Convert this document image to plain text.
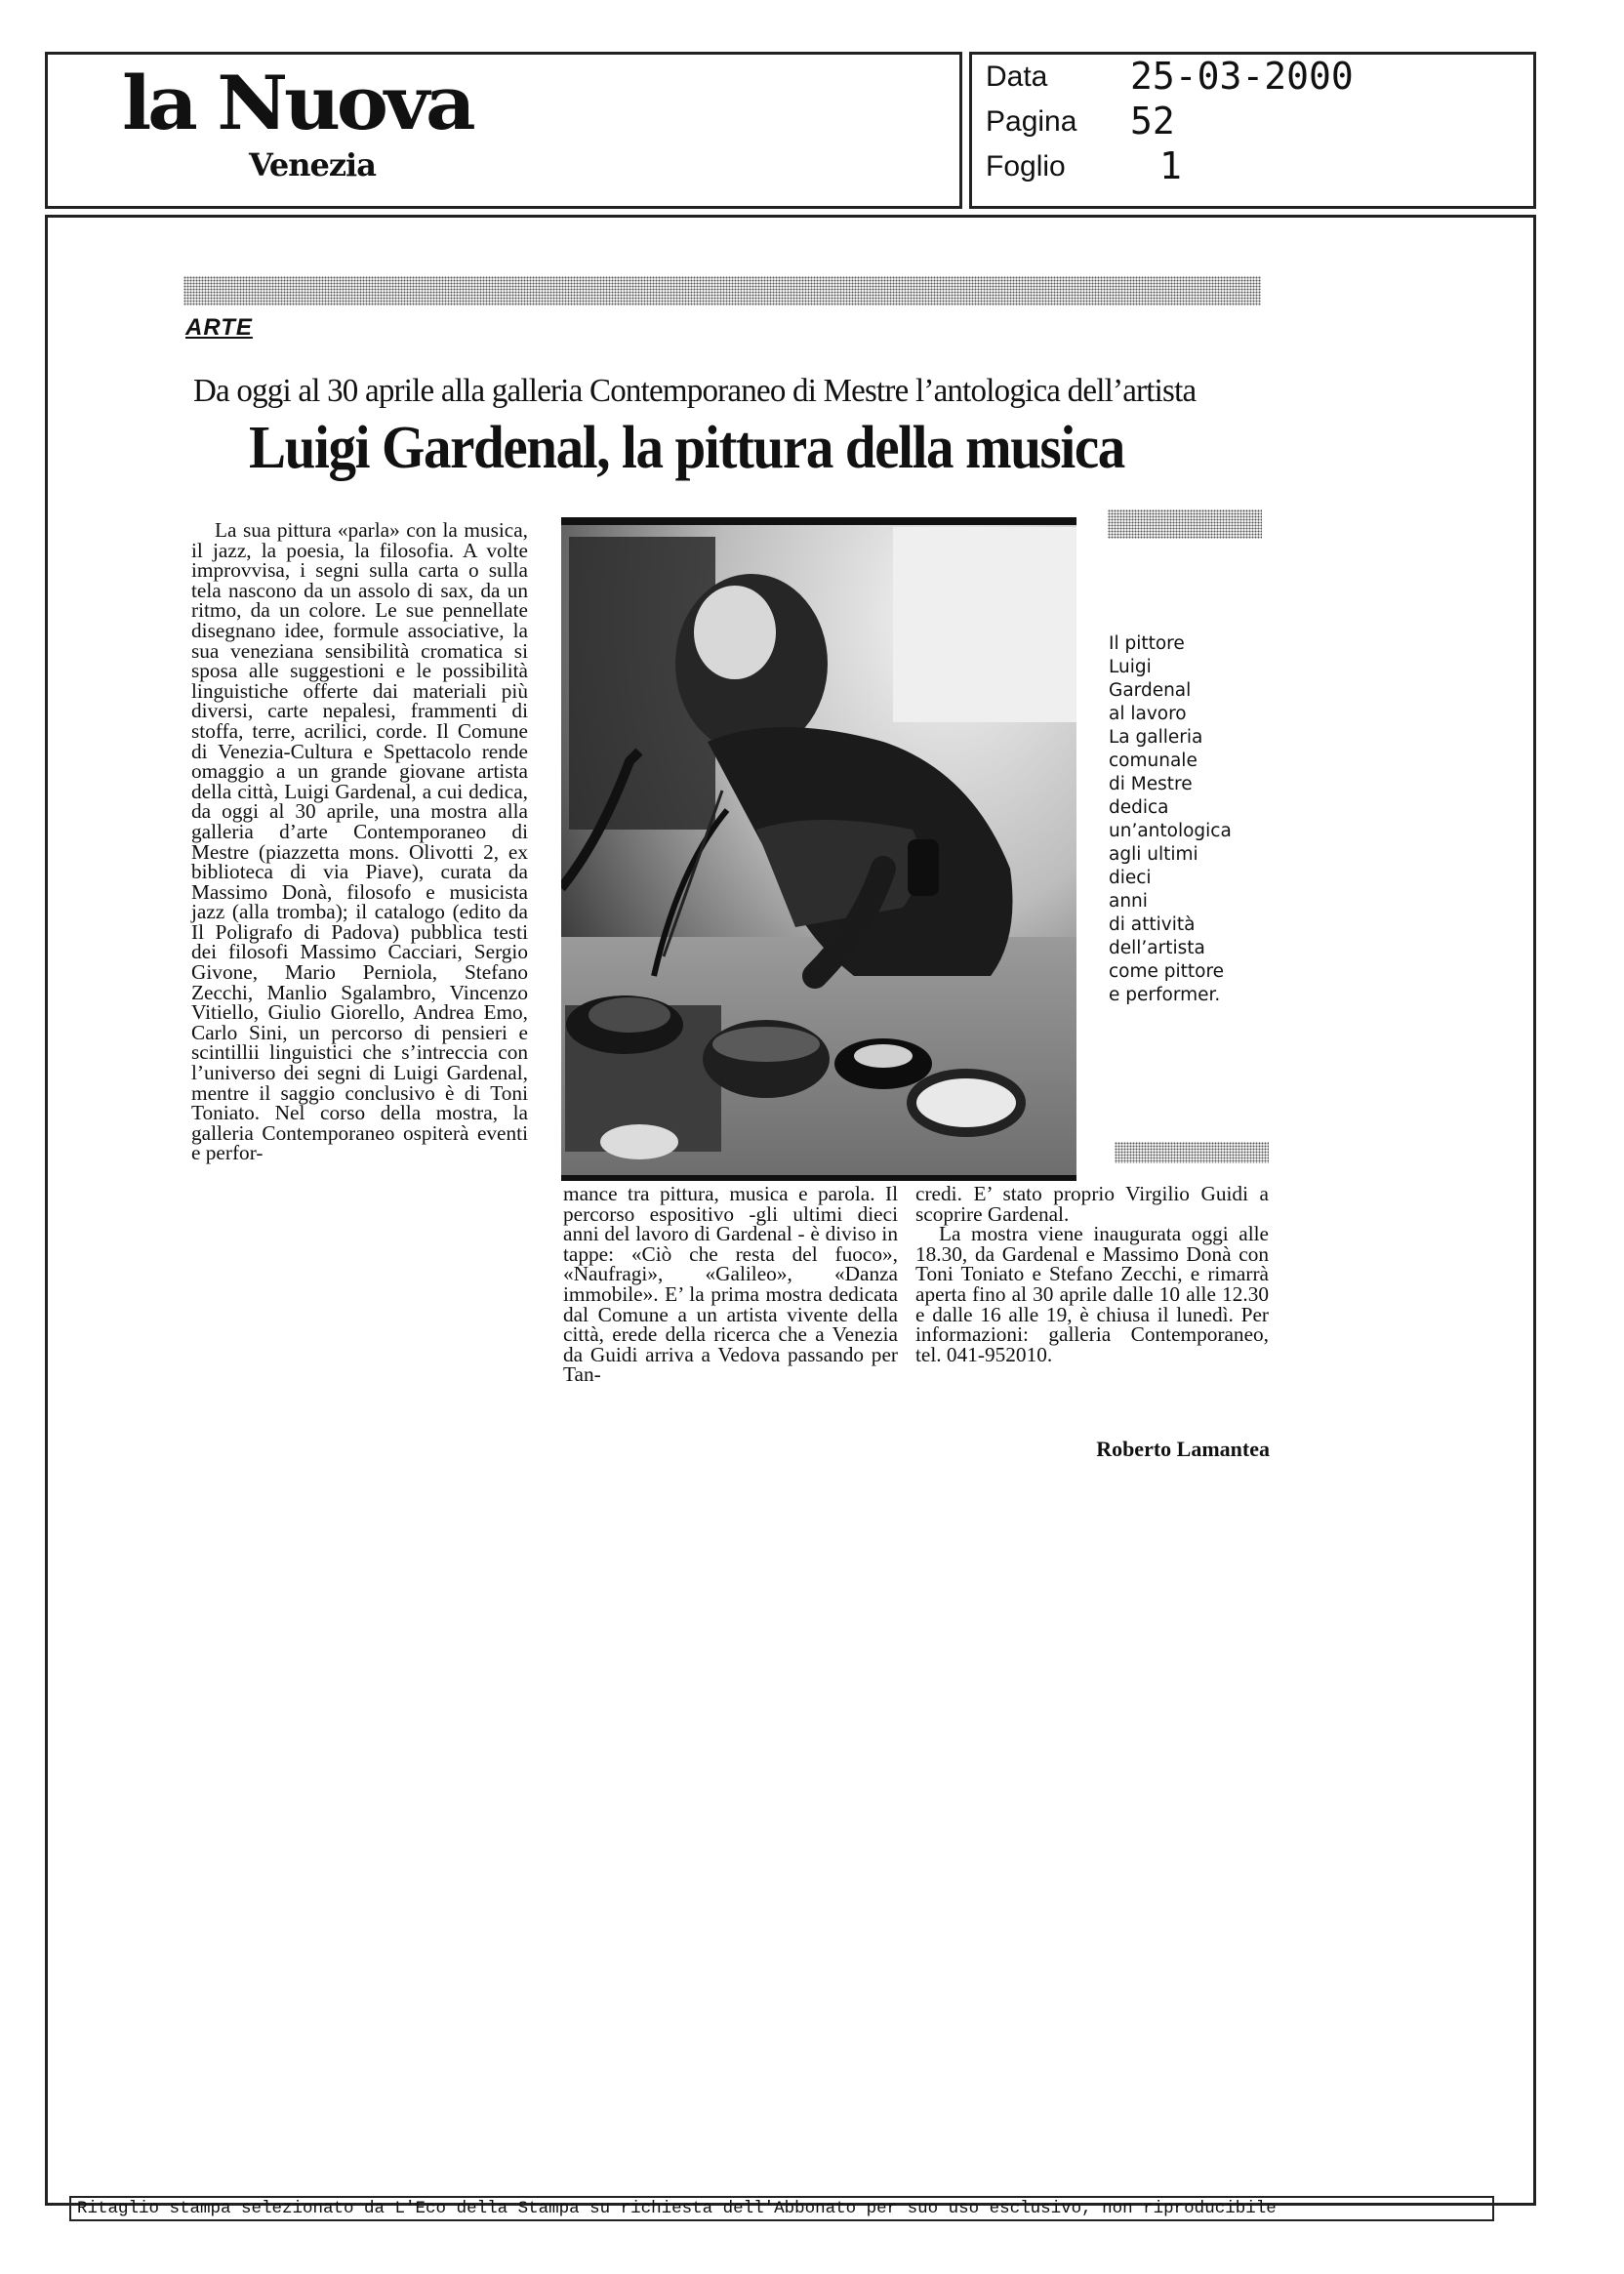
la Nuova
Venezia
Data 25-03-2000
Pagina 52
Foglio	1
ARTE
Da oggi al 30 aprile alla galleria Contemporaneo di Mestre l’antologica dell’artista
Luigi Gardenal, la pittura della musica
Il pittore
Luigi
Gardenal
al lavoro
La galleria
comunale
di Mestre
dedica
un’antologica
agli ultimi
dieci
anni
di attività
dell’artista
come pittore
e performer.

La sua pittura «parla» con la musica, il jazz, la poesia, la filosofia. A volte improvvisa, i segni sulla carta o sulla tela nascono da un assolo di sax, da un ritmo, da un colore. Le sue pennellate disegnano idee, formule associative, la sua veneziana sensibilità cromatica si sposa alle suggestioni e le possibilità linguistiche offerte dai materiali più diversi, carte nepalesi, frammenti di stoffa, terre, acrilici, corde. Il Comune di Venezia-Cultura e Spettacolo rende omaggio a un grande giovane artista della città, Luigi Gardenal, a cui dedica, da oggi al 30 aprile, una mostra alla galleria d’arte Contemporaneo di Mestre (piazzetta mons. Olivotti 2, ex biblioteca di via Piave), curata da Massimo Donà, filosofo e musicista jazz (alla tromba); il catalogo (edito da Il Poligrafo di Padova) pubblica testi dei filosofi Massimo Cacciari, Sergio Givone, Mario Perniola, Stefano Zecchi, Manlio Sgalambro, Vincenzo Vitiello, Giulio Giorello, Andrea Emo, Carlo Sini, un percorso di pensieri e scintillii linguistici che s’intreccia con l’universo dei segni di Luigi Gardenal, mentre il saggio conclusivo è di Toni Toniato. Nel corso della mostra, la galleria Contemporaneo ospiterà eventi e perfor-

mance tra pittura, musica e parola. Il percorso espositivo -gli ultimi dieci anni del lavoro di Gardenal - è diviso in tappe: «Ciò che resta del fuoco», «Naufragi», «Galileo», «Danza immobile». E’ la prima mostra dedicata dal Comune a un artista vivente della città, erede della ricerca che a Venezia da Guidi arriva a Vedova passando per Tan-

credi. E’ stato proprio Virgilio Guidi a scoprire Gardenal.

La mostra viene inaugurata oggi alle 18.30, da Gardenal e Massimo Donà con Toni Toniato e Stefano Zecchi, e rimarrà aperta fino al 30 aprile dalle 10 alle 12.30 e dalle 16 alle 19, è chiusa il lunedì. Per informazioni: galleria Contemporaneo, tel. 041-952010.

Roberto Lamantea
Ritaglio stampa selezionato da L'Eco della Stampa su richiesta dell'Abbonato per suo uso esclusivo, non riproducibile
